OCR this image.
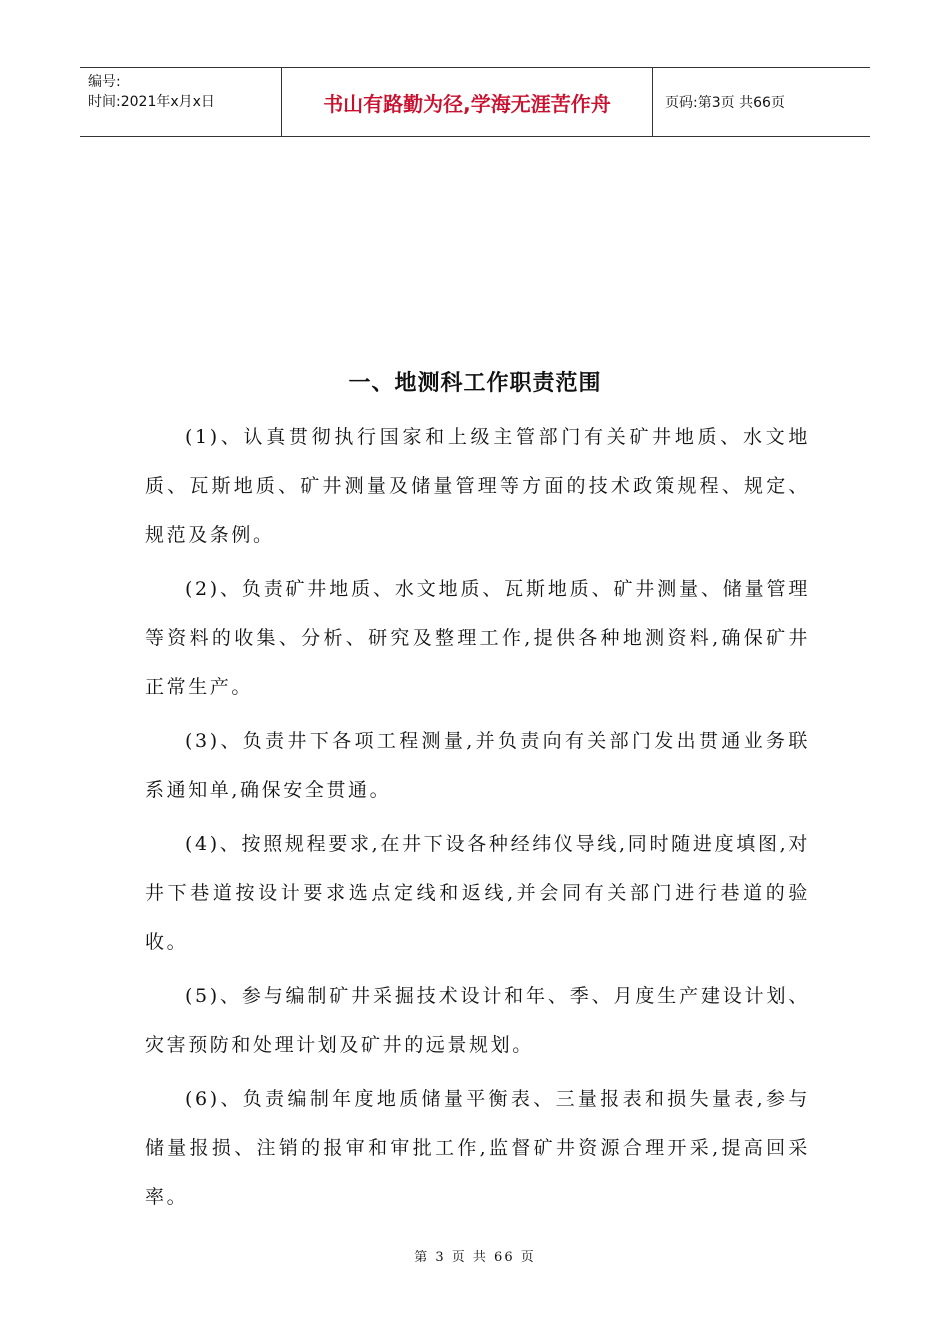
编号:
时间:2021年x月x日	书山有路勤为径,学海无涯苦作舟	页码:第3页 共66页
一、地测科工作职责范围

(1)、认真贯彻执行国家和上级主管部门有关矿井地质、水文地质、瓦斯地质、矿井测量及储量管理等方面的技术政策规程、规定、规范及条例。

(2)、负责矿井地质、水文地质、瓦斯地质、矿井测量、储量管理等资料的收集、分析、研究及整理工作,提供各种地测资料,确保矿井正常生产。

(3)、负责井下各项工程测量,并负责向有关部门发出贯通业务联系通知单,确保安全贯通。

(4)、按照规程要求,在井下设各种经纬仪导线,同时随进度填图,对井下巷道按设计要求选点定线和返线,并会同有关部门进行巷道的验收。

(5)、参与编制矿井采掘技术设计和年、季、月度生产建设计划、灾害预防和处理计划及矿井的远景规划。

(6)、负责编制年度地质储量平衡表、三量报表和损失量表,参与储量报损、注销的报审和审批工作,监督矿井资源合理开采,提高回采率。

第 3 页 共 66 页
